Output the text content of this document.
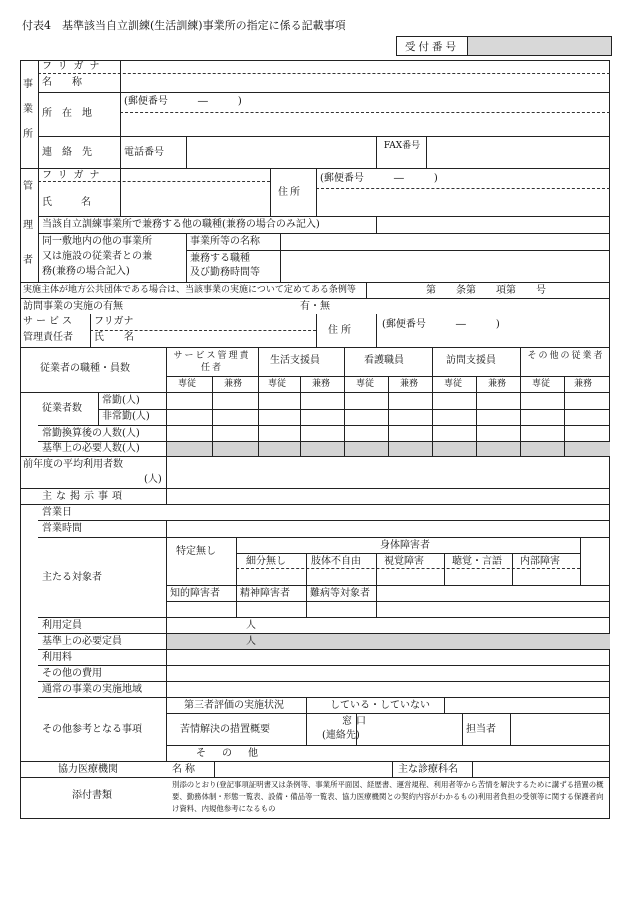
付表4　基準該当自立訓練(生活訓練)事業所の指定に係る記載事項
受付番号
事
業
所
フリガナ
名　　称
所　在　地
(郵便番号　　　―　　　)
連　絡　先	電話番号
FAX番号
管
理
者
フリガナ
氏　　名
住所
(郵便番号　　　―　　　)
当該自立訓練事業所で兼務する他の職種(兼務の場合のみ記入)
同一敷地内の他の事業所
又は施設の従業者との兼
務(兼務の場合記入)
事業所等の名称
兼務する職種
及び勤務時間等
実施主体が地方公共団体である場合は、当該事業の実施について定めてある条例等	第　　条第　　項第　　号
訪問事業の実施の有無	有・無
サービス
管理責任者
フリガナ
氏　　名
住所
(郵便番号　　　―　　　)
従業者の職種・員数
サービス管理責任者
生活支援員	看護職員	訪問支援員	その他の従業者
専従	兼務	専従	兼務	専従	兼務	専従	兼務	専従	兼務
従業者数
常勤(人)
非常勤(人)
常勤換算後の人数(人)
基準上の必要人数(人)
前年度の平均利用者数
(人)
主な掲示事項
営業日
営業時間
主たる対象者
特定無し
身体障害者
細分無し	肢体不自由 視覚障害	聴覚・言語 内部障害
知的障害者 精神障害者 難病等対象者
利用定員	人
基準上の必要定員	人
利用料
その他の費用
通常の事業の実施地域
その他参考となる事項
第三者評価の実施状況	している・していない
苦情解決の措置概要
窓口
(連絡先)
担当者
そ　の　他
協力医療機関	名称	主な診療科名
添付書類
別添のとおり(登記事項証明書又は条例等、事業所平面図、経歴書、運営規程、利用者等から苦情を解決するために講ずる措置の概要、勤務体制・形態一覧表、設備・備品等一覧表、協力医療機関との契約内容がわかるもの)利用者負担の受領等に関する保護者向け資料、内規他参考になるもの
